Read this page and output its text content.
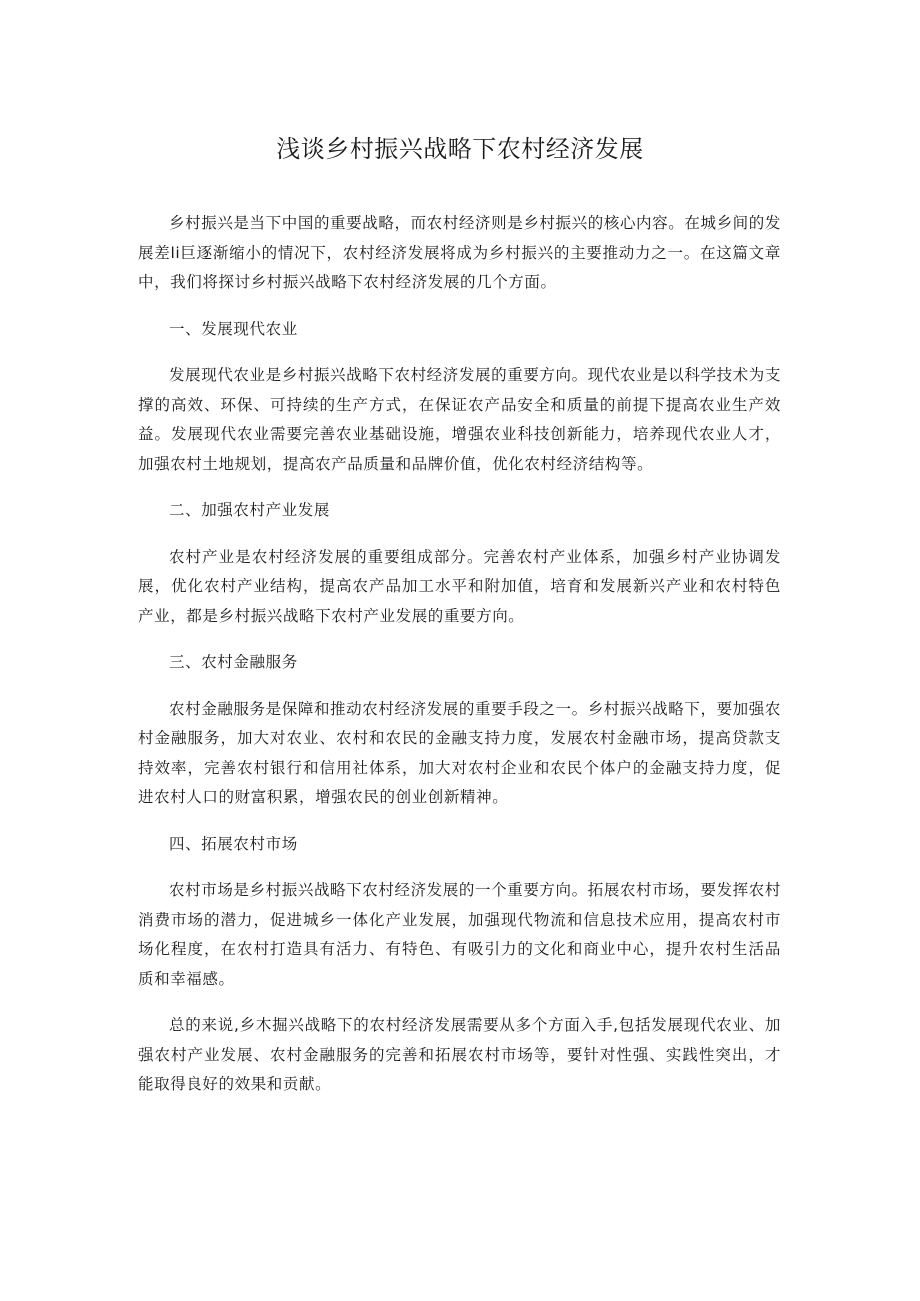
浅谈乡村振兴战略下农村经济发展

乡村振兴是当下中国的重要战略，而农村经济则是乡村振兴的核心内容。在城乡间的发展差li巨逐渐缩小的情况下，农村经济发展将成为乡村振兴的主要推动力之一。在这篇文章中，我们将探讨乡村振兴战略下农村经济发展的几个方面。

一、发展现代农业

发展现代农业是乡村振兴战略下农村经济发展的重要方向。现代农业是以科学技术为支撑的高效、环保、可持续的生产方式，在保证农产品安全和质量的前提下提高农业生产效益。发展现代农业需要完善农业基础设施，增强农业科技创新能力，培养现代农业人才，加强农村土地规划，提高农产品质量和品牌价值，优化农村经济结构等。

二、加强农村产业发展

农村产业是农村经济发展的重要组成部分。完善农村产业体系，加强乡村产业协调发展，优化农村产业结构，提高农产品加工水平和附加值，培育和发展新兴产业和农村特色产业，都是乡村振兴战略下农村产业发展的重要方向。

三、农村金融服务

农村金融服务是保障和推动农村经济发展的重要手段之一。乡村振兴战略下，要加强农村金融服务，加大对农业、农村和农民的金融支持力度，发展农村金融市场，提高贷款支持效率，完善农村银行和信用社体系，加大对农村企业和农民个体户的金融支持力度，促进农村人口的财富积累，增强农民的创业创新精神。

四、拓展农村市场

农村市场是乡村振兴战略下农村经济发展的一个重要方向。拓展农村市场，要发挥农村消费市场的潜力，促进城乡一体化产业发展，加强现代物流和信息技术应用，提高农村市场化程度，在农村打造具有活力、有特色、有吸引力的文化和商业中心，提升农村生活品质和幸福感。

总的来说,乡木掘兴战略下的农村经济发展需要从多个方面入手,包括发展现代农业、加强农村产业发展、农村金融服务的完善和拓展农村市场等，要针对性强、实践性突出，才能取得良好的效果和贡献。
